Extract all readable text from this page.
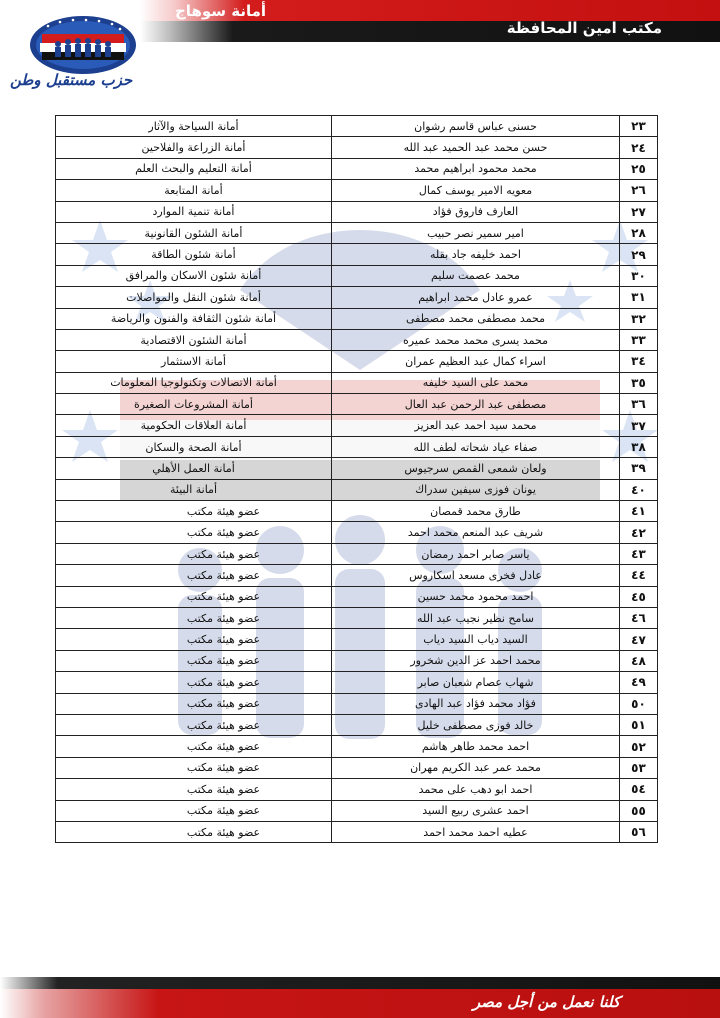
أمانة سوهاج
مكتب امين المحافظة
حزب مستقبل وطن
٢٣	حسنى عباس قاسم رشوان	أمانة السياحة والآثار
٢٤	حسن محمد عبد الحميد عبد الله	أمانة الزراعة والفلاحين
٢٥	محمد محمود ابراهيم محمد	أمانة التعليم والبحث العلم
٢٦	معويه الامير يوسف كمال	أمانة المتابعة
٢٧	العارف فاروق فؤاد	أمانة تنمية الموارد
٢٨	امير سمير نصر حبيب	أمانة الشئون القانونية
٢٩	احمد خليفه جاد بقله	أمانة شئون الطاقة
٣٠	محمد عصمت سليم	أمانة شئون الاسكان والمرافق
٣١	عمرو عادل محمد ابراهيم	أمانة شئون النقل والمواصلات
٣٢	محمد مصطفى محمد مصطفى	أمانة شئون الثقافة والفنون والرياضة
٣٣	محمد يسرى محمد محمد عميره	أمانة الشئون الاقتصادية
٣٤	اسراء كمال عبد العظيم عمران	أمانة الاستثمار
٣٥	محمد على السيد خليفه	أمانة الاتصالات وتكنولوجيا المعلومات
٣٦	مصطفى عبد الرحمن عبد العال	أمانة المشروعات الصغيرة
٣٧	محمد سيد احمد عبد العزيز	أمانة العلاقات الحكومية
٣٨	صفاء عياد شحاته لطف الله	أمانة الصحة والسكان
٣٩	ولعان شمعى القمص سرجيوس	أمانة العمل الأهلي
٤٠	يونان فوزى سيفين سدراك	أمانة البيئة
٤١	طارق محمد قمصان	عضو هيئة مكتب
٤٢	شريف عبد المنعم محمد احمد	عضو هيئة مكتب
٤٣	ياسر صابر احمد رمضان	عضو هيئة مكتب
٤٤	عادل فخرى مسعد اسكاروس	عضو هيئة مكتب
٤٥	احمد محمود محمد حسين	عضو هيئة مكتب
٤٦	سامح نظير نجيب عبد الله	عضو هيئة مكتب
٤٧	السيد دياب السيد دياب	عضو هيئة مكتب
٤٨	محمد احمد عز الدين شخرور	عضو هيئة مكتب
٤٩	شهاب عصام شعبان صابر	عضو هيئة مكتب
٥٠	فؤاد محمد فؤاد عبد الهادى	عضو هيئة مكتب
٥١	خالد فوزى مصطفى خليل	عضو هيئة مكتب
٥٢	احمد محمد طاهر هاشم	عضو هيئة مكتب
٥٣	محمد عمر عبد الكريم مهران	عضو هيئة مكتب
٥٤	احمد ابو دهب على محمد	عضو هيئة مكتب
٥٥	احمد عشرى ربيع السيد	عضو هيئة مكتب
٥٦	عطيه احمد محمد احمد	عضو هيئة مكتب
كلنا نعمل من أجل مصر
